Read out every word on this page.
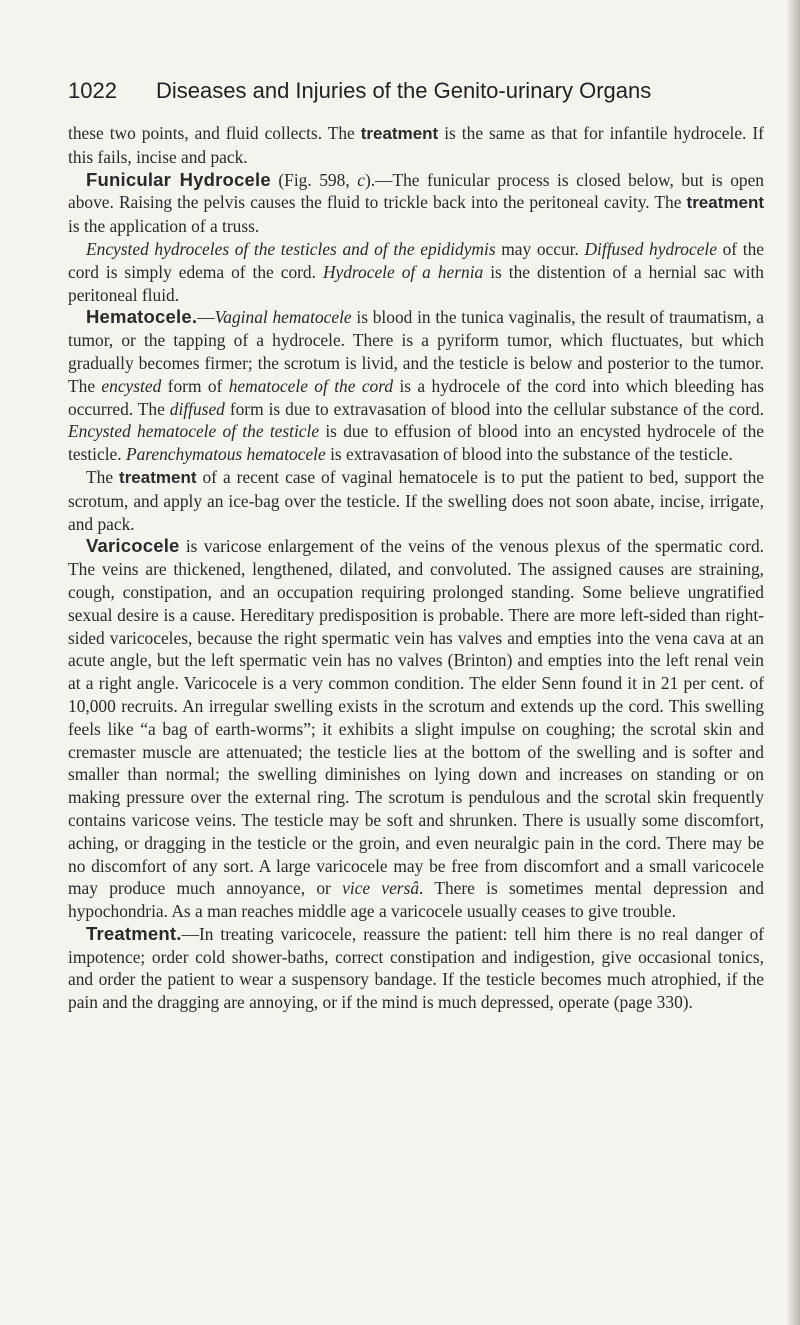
1022 Diseases and Injuries of the Genito-urinary Organs

these two points, and fluid collects. The treatment is the same as that for infantile hydrocele. If this fails, incise and pack.

Funicular Hydrocele (Fig. 598, c).—The funicular process is closed below, but is open above. Raising the pelvis causes the fluid to trickle back into the peritoneal cavity. The treatment is the application of a truss.

Encysted hydroceles of the testicles and of the epididymis may occur. Diffused hydrocele of the cord is simply edema of the cord. Hydrocele of a hernia is the distention of a hernial sac with peritoneal fluid.

Hematocele.—Vaginal hematocele is blood in the tunica vaginalis, the result of traumatism, a tumor, or the tapping of a hydrocele. There is a pyriform tumor, which fluctuates, but which gradually becomes firmer; the scrotum is livid, and the testicle is below and posterior to the tumor. The encysted form of hematocele of the cord is a hydrocele of the cord into which bleeding has occurred. The diffused form is due to extravasation of blood into the cellular substance of the cord. Encysted hematocele of the testicle is due to effusion of blood into an encysted hydrocele of the testicle. Parenchymatous hematocele is extravasation of blood into the substance of the testicle.

The treatment of a recent case of vaginal hematocele is to put the patient to bed, support the scrotum, and apply an ice-bag over the testicle. If the swelling does not soon abate, incise, irrigate, and pack.

Varicocele is varicose enlargement of the veins of the venous plexus of the spermatic cord. The veins are thickened, lengthened, dilated, and convoluted. The assigned causes are straining, cough, constipation, and an occupation requiring prolonged standing. Some believe ungratified sexual desire is a cause. Hereditary predisposition is probable. There are more left-sided than right-sided varicoceles, because the right spermatic vein has valves and empties into the vena cava at an acute angle, but the left spermatic vein has no valves (Brinton) and empties into the left renal vein at a right angle. Varicocele is a very common condition. The elder Senn found it in 21 per cent. of 10,000 recruits. An irregular swelling exists in the scrotum and extends up the cord. This swelling feels like “a bag of earth-worms”; it exhibits a slight impulse on coughing; the scrotal skin and cremaster muscle are attenuated; the testicle lies at the bottom of the swelling and is softer and smaller than normal; the swelling diminishes on lying down and increases on standing or on making pressure over the external ring. The scrotum is pendulous and the scrotal skin frequently contains varicose veins. The testicle may be soft and shrunken. There is usually some discomfort, aching, or dragging in the testicle or the groin, and even neuralgic pain in the cord. There may be no discomfort of any sort. A large varicocele may be free from discomfort and a small varicocele may produce much annoyance, or vice versâ. There is sometimes mental depression and hypochondria. As a man reaches middle age a varicocele usually ceases to give trouble.

Treatment.—In treating varicocele, reassure the patient: tell him there is no real danger of impotence; order cold shower-baths, correct constipation and indigestion, give occasional tonics, and order the patient to wear a suspensory bandage. If the testicle becomes much atrophied, if the pain and the dragging are annoying, or if the mind is much depressed, operate (page 330).
